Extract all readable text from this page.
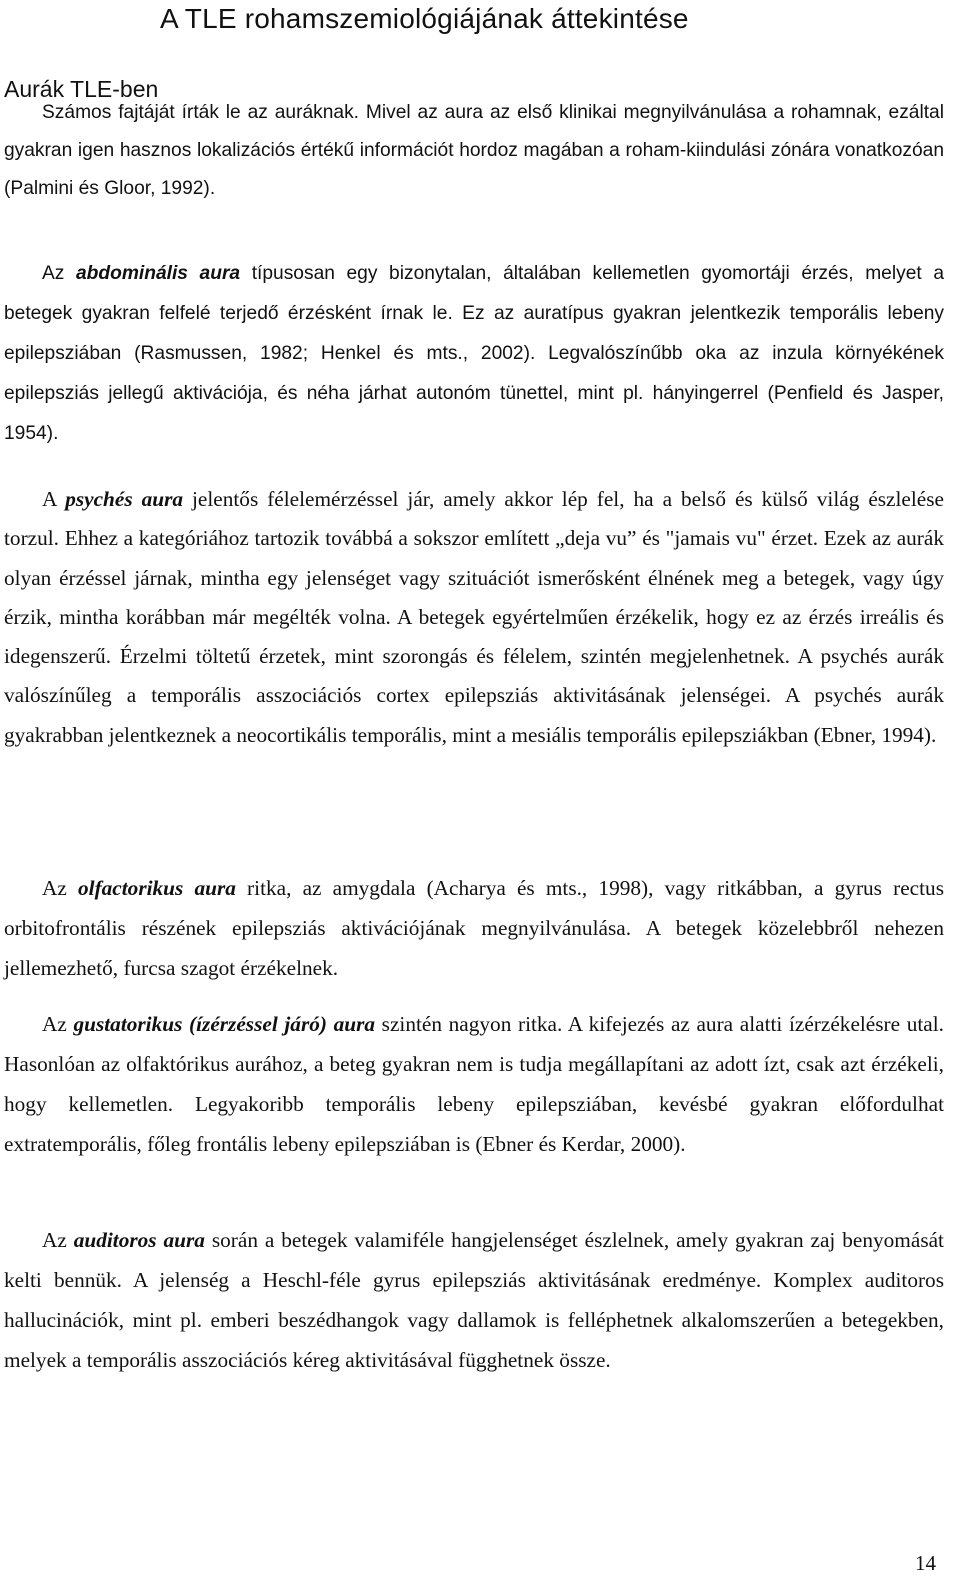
A TLE rohamszemiológiájának áttekintése
Aurák TLE-ben

Számos fajtáját írták le az auráknak. Mivel az aura az első klinikai megnyilvánulása a rohamnak, ezáltal gyakran igen hasznos lokalizációs értékű információt hordoz magában a roham-kiindulási zónára vonatkozóan (Palmini és Gloor, 1992).

Az abdominális aura típusosan egy bizonytalan, általában kellemetlen gyomortáji érzés, melyet a betegek gyakran felfelé terjedő érzésként írnak le. Ez az auratípus gyakran jelentkezik temporális lebeny epilepsziában (Rasmussen, 1982; Henkel és mts., 2002). Legvalószínűbb oka az inzula környékének epilepsziás jellegű aktivációja, és néha járhat autonóm tünettel, mint pl. hányingerrel (Penfield és Jasper, 1954).

A psychés aura jelentős félelemérzéssel jár, amely akkor lép fel, ha a belső és külső világ észlelése torzul. Ehhez a kategóriához tartozik továbbá a sokszor említett „deja vu” és "jamais vu" érzet. Ezek az aurák olyan érzéssel járnak, mintha egy jelenséget vagy szituációt ismerősként élnének meg a betegek, vagy úgy érzik, mintha korábban már megélték volna. A betegek egyértelműen érzékelik, hogy ez az érzés irreális és idegenszerű. Érzelmi töltetű érzetek, mint szorongás és félelem, szintén megjelenhetnek. A psychés aurák valószínűleg a temporális asszociációs cortex epilepsziás aktivitásának jelenségei. A psychés aurák gyakrabban jelentkeznek a neocortikális temporális, mint a mesiális temporális epilepsziákban (Ebner, 1994).

Az olfactorikus aura ritka, az amygdala (Acharya és mts., 1998), vagy ritkábban, a gyrus rectus orbitofrontális részének epilepsziás aktivációjának megnyilvánulása. A betegek közelebbről nehezen jellemezhető, furcsa szagot érzékelnek.

Az gustatorikus (ízérzéssel járó) aura szintén nagyon ritka. A kifejezés az aura alatti ízérzékelésre utal. Hasonlóan az olfaktórikus aurához, a beteg gyakran nem is tudja megállapítani az adott ízt, csak azt érzékeli, hogy kellemetlen. Legyakoribb temporális lebeny epilepsziában, kevésbé gyakran előfordulhat extratemporális, főleg frontális lebeny epilepsziában is (Ebner és Kerdar, 2000).

Az auditoros aura során a betegek valamiféle hangjelenséget észlelnek, amely gyakran zaj benyomását kelti bennük. A jelenség a Heschl-féle gyrus epilepsziás aktivitásának eredménye. Komplex auditoros hallucinációk, mint pl. emberi beszédhangok vagy dallamok is felléphetnek alkalomszerűen a betegekben, melyek a temporális asszociációs kéreg aktivitásával függhetnek össze.

14
